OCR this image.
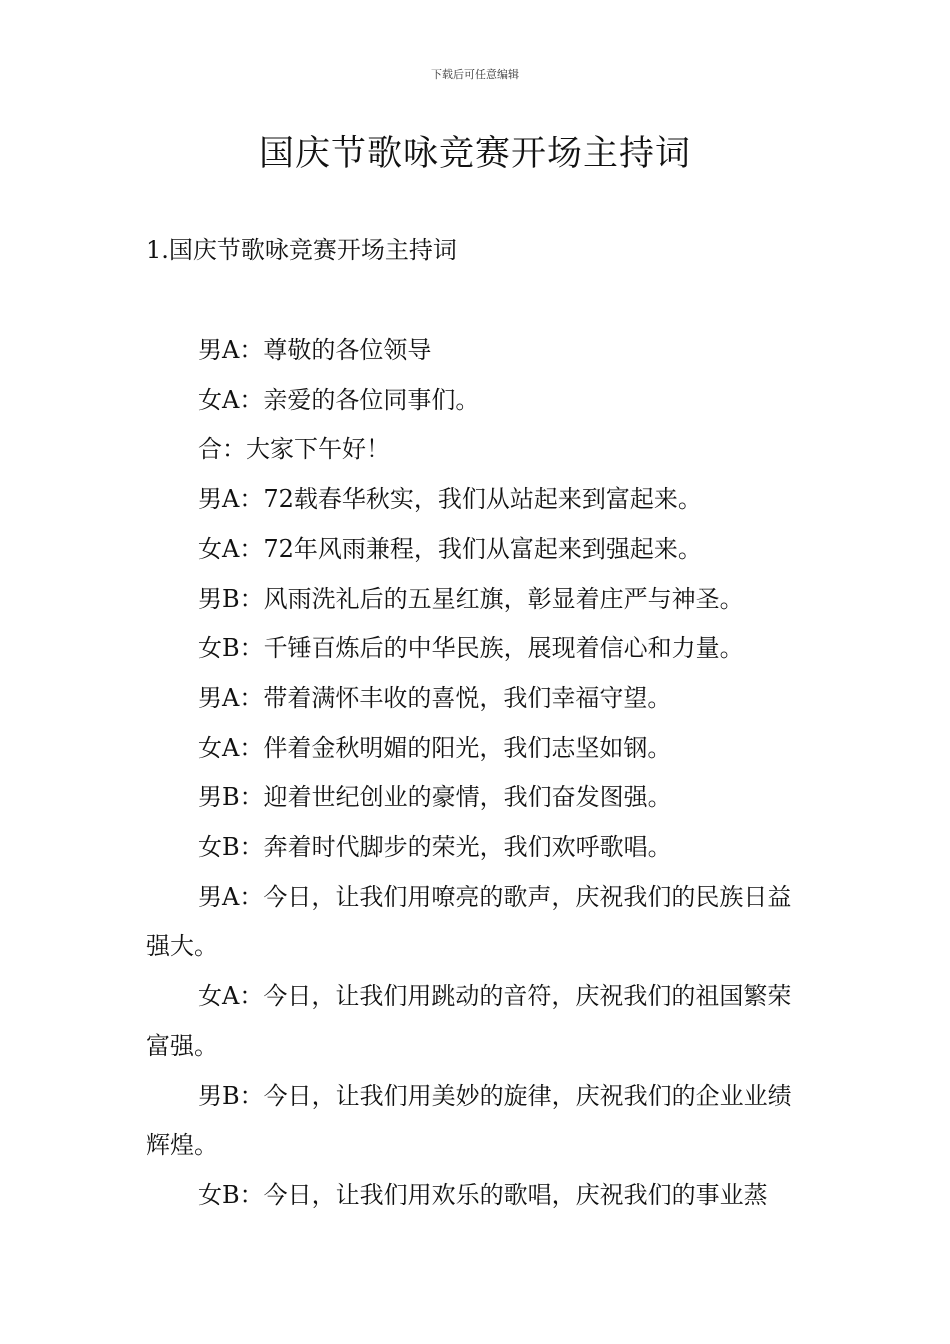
下载后可任意编辑
国庆节歌咏竞赛开场主持词
1.国庆节歌咏竞赛开场主持词

男A：尊敬的各位领导

女A：亲爱的各位同事们。

合：大家下午好！

男A：72载春华秋实，我们从站起来到富起来。

女A：72年风雨兼程，我们从富起来到强起来。

男B：风雨洗礼后的五星红旗，彰显着庄严与神圣。

女B：千锤百炼后的中华民族，展现着信心和力量。

男A：带着满怀丰收的喜悦，我们幸福守望。

女A：伴着金秋明媚的阳光，我们志坚如钢。

男B：迎着世纪创业的豪情，我们奋发图强。

女B：奔着时代脚步的荣光，我们欢呼歌唱。

男A：今日，让我们用嘹亮的歌声，庆祝我们的民族日益强大。

女A：今日，让我们用跳动的音符，庆祝我们的祖国繁荣富强。

男B：今日，让我们用美妙的旋律，庆祝我们的企业业绩辉煌。

女B：今日，让我们用欢乐的歌唱，庆祝我们的事业蒸
